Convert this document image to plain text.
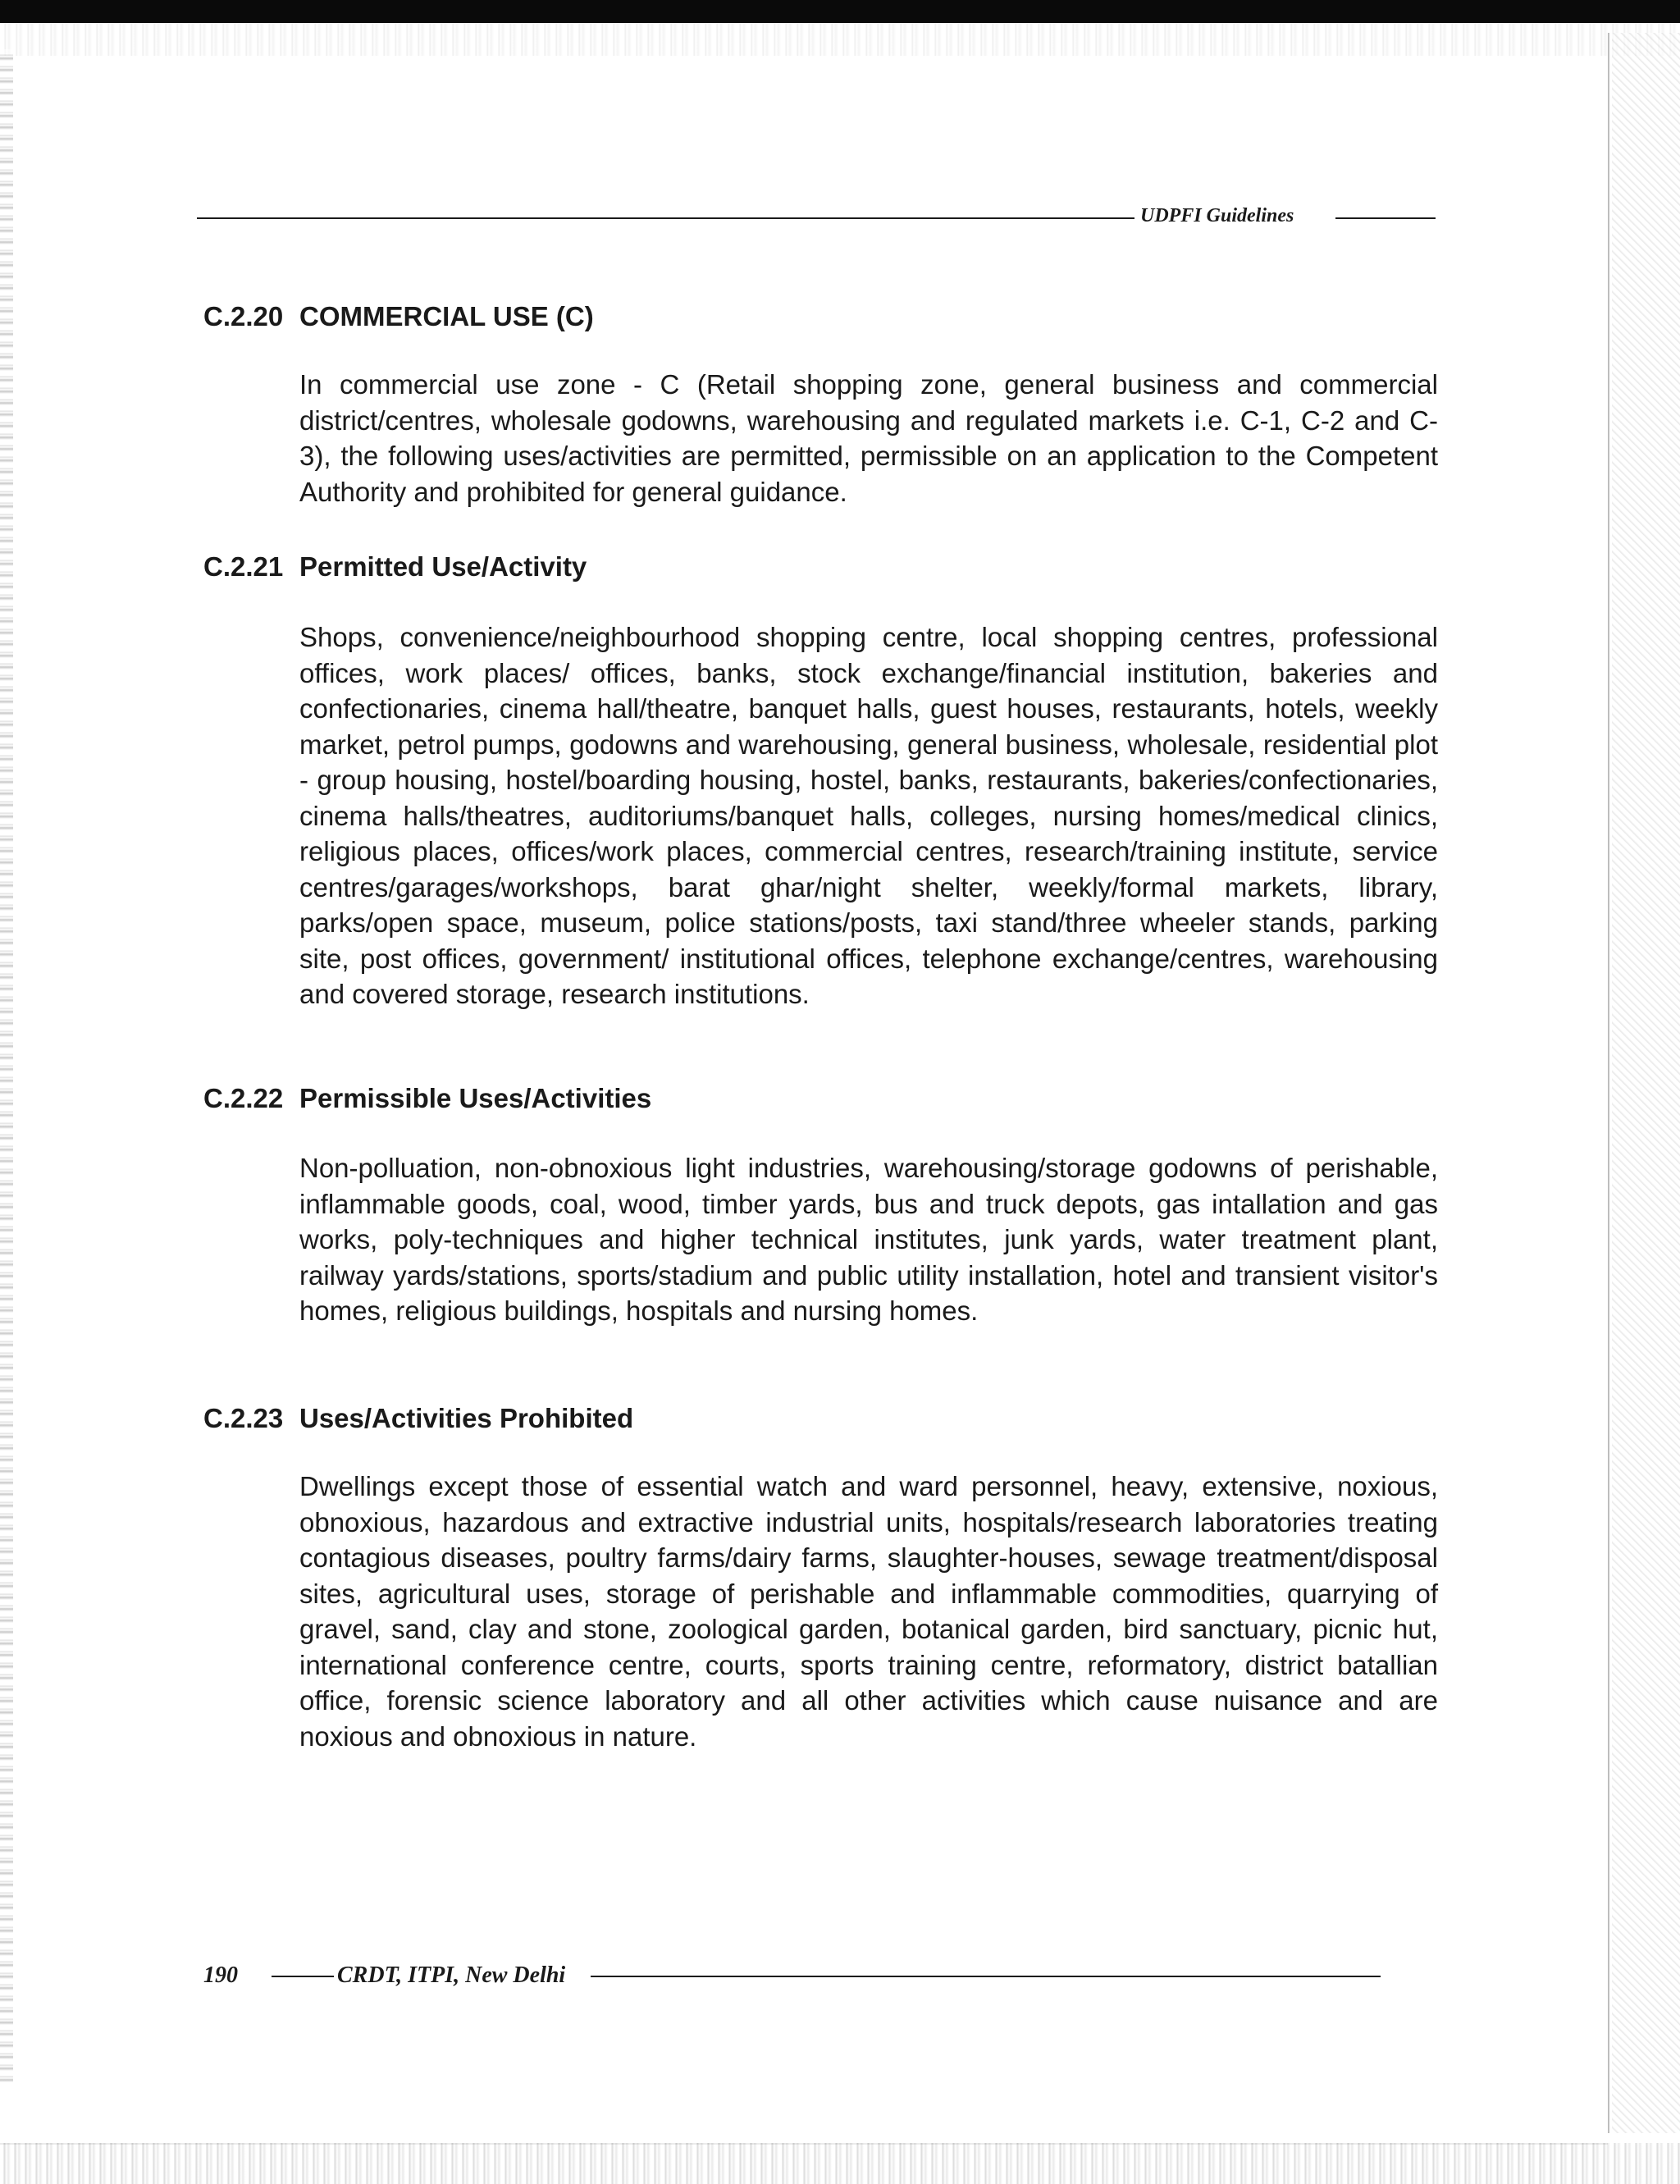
UDPFI Guidelines
C.2.20 COMMERCIAL USE (C)

In commercial use zone - C (Retail shopping zone, general business and commercial district/centres, wholesale godowns, warehousing and regulated markets i.e. C-1, C-2 and C-3), the following uses/activities are permitted, permissible on an application to the Competent Authority and prohibited for general guidance.

C.2.21 Permitted Use/Activity

Shops, convenience/neighbourhood shopping centre, local shopping centres, professional offices, work places/ offices, banks, stock exchange/financial institution, bakeries and confectionaries, cinema hall/theatre, banquet halls, guest houses, restaurants, hotels, weekly market, petrol pumps, godowns and warehousing, general business, wholesale, residential plot - group housing, hostel/boarding housing, hostel, banks, restaurants, bakeries/confectionaries, cinema halls/theatres, auditoriums/banquet halls, colleges, nursing homes/medical clinics, religious places, offices/work places, commercial centres, research/training institute, service centres/garages/workshops, barat ghar/night shelter, weekly/formal markets, library, parks/open space, museum, police stations/posts, taxi stand/three wheeler stands, parking site, post offices, government/ institutional offices, telephone exchange/centres, warehousing and covered storage, research institutions.

C.2.22 Permissible Uses/Activities

Non-polluation, non-obnoxious light industries, warehousing/storage godowns of perishable, inflammable goods, coal, wood, timber yards, bus and truck depots, gas intallation and gas works, poly-techniques and higher technical institutes, junk yards, water treatment plant, railway yards/stations, sports/stadium and public utility installation, hotel and transient visitor's homes, religious buildings, hospitals and nursing homes.

C.2.23 Uses/Activities Prohibited

Dwellings except those of essential watch and ward personnel, heavy, extensive, noxious, obnoxious, hazardous and extractive industrial units, hospitals/research laboratories treating contagious diseases, poultry farms/dairy farms, slaughter-houses, sewage treatment/disposal sites, agricultural uses, storage of perishable and inflammable commodities, quarrying of gravel, sand, clay and stone, zoological garden, botanical garden, bird sanctuary, picnic hut, international conference centre, courts, sports training centre, reformatory, district batallian office, forensic science laboratory and all other activities which cause nuisance and are noxious and obnoxious in nature.

190	CRDT, ITPI, New Delhi
